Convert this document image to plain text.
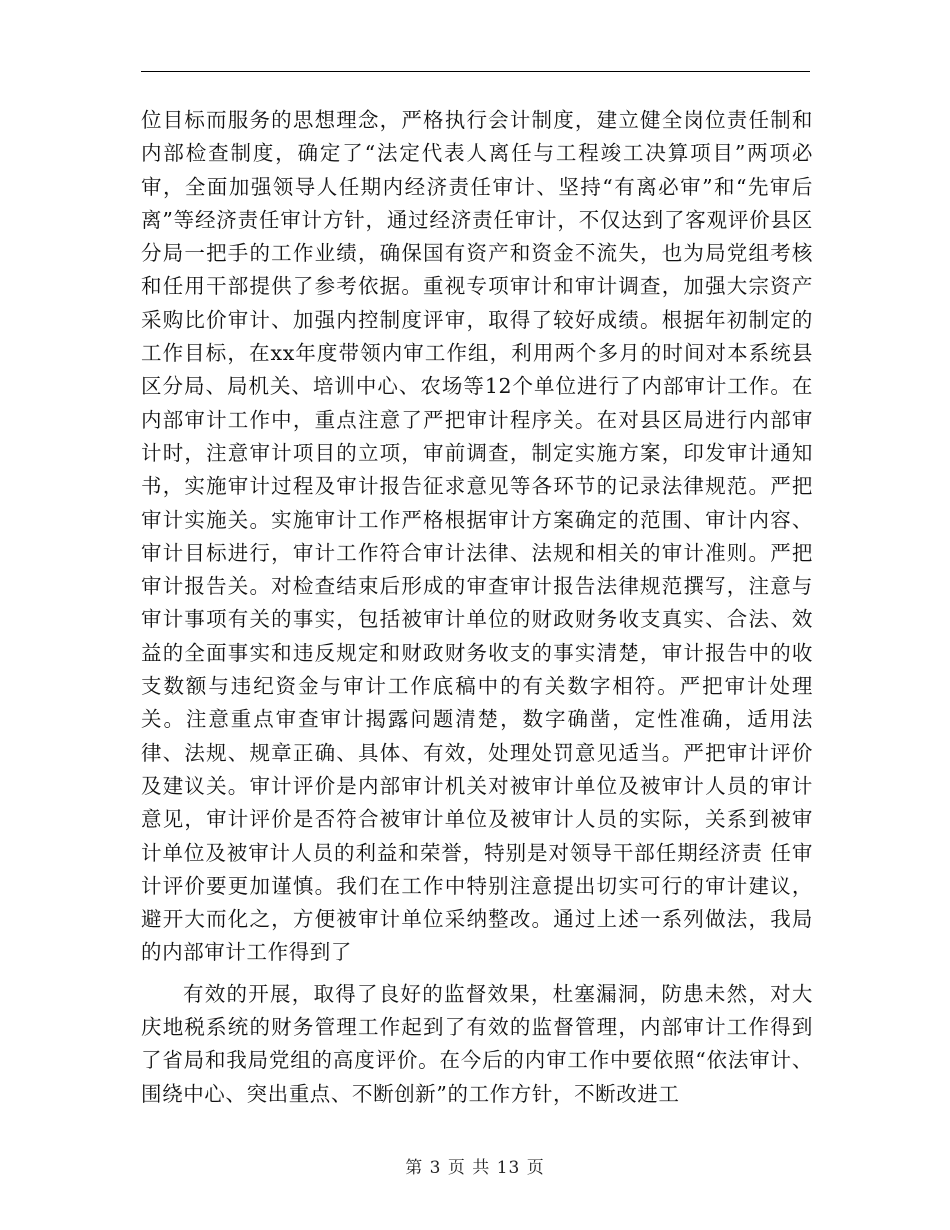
位目标而服务的思想理念，严格执行会计制度，建立健全岗位责任制和内部检查制度，确定了“法定代表人离任与工程竣工决算项目”两项必审，全面加强领导人任期内经济责任审计、坚持“有离必审”和“先审后离”等经济责任审计方针，通过经济责任审计，不仅达到了客观评价县区分局一把手的工作业绩，确保国有资产和资金不流失，也为局党组考核和任用干部提供了参考依据。重视专项审计和审计调查，加强大宗资产采购比价审计、加强内控制度评审，取得了较好成绩。根据年初制定的工作目标，在xx年度带领内审工作组，利用两个多月的时间对本系统县区分局、局机关、培训中心、农场等12个单位进行了内部审计工作。在内部审计工作中，重点注意了严把审计程序关。在对县区局进行内部审计时，注意审计项目的立项，审前调查，制定实施方案，印发审计通知书，实施审计过程及审计报告征求意见等各环节的记录法律规范。严把审计实施关。实施审计工作严格根据审计方案确定的范围、审计内容、审计目标进行，审计工作符合审计法律、法规和相关的审计准则。严把审计报告关。对检查结束后形成的审查审计报告法律规范撰写，注意与审计事项有关的事实，包括被审计单位的财政财务收支真实、合法、效益的全面事实和违反规定和财政财务收支的事实清楚，审计报告中的收支数额与违纪资金与审计工作底稿中的有关数字相符。严把审计处理关。注意重点审查审计揭露问题清楚，数字确凿，定性准确，适用法律、法规、规章正确、具体、有效，处理处罚意见适当。严把审计评价及建议关。审计评价是内部审计机关对被审计单位及被审计人员的审计意见，审计评价是否符合被审计单位及被审计人员的实际，关系到被审计单位及被审计人员的利益和荣誉，特别是对领导干部任期经济责 任审计评价要更加谨慎。我们在工作中特别注意提出切实可行的审计建议，避开大而化之，方便被审计单位采纳整改。通过上述一系列做法，我局的内部审计工作得到了

有效的开展，取得了良好的监督效果，杜塞漏洞，防患未然，对大庆地税系统的财务管理工作起到了有效的监督管理，内部审计工作得到了省局和我局党组的高度评价。在今后的内审工作中要依照“依法审计、围绕中心、突出重点、不断创新”的工作方针，不断改进工

第 3 页 共 13 页
